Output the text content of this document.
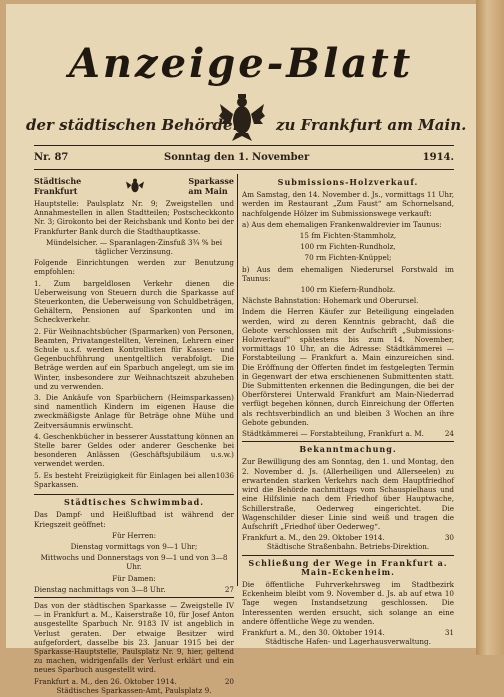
Anzeige-Blatt
der städtischen Behörden zu Frankfurt am Main.
Nr. 87	Sonntag den 1. November	1914.
Städtische
Frankfurt
Sparkasse
am Main

Hauptstelle: Paulsplatz Nr. 9; Zweigstellen und Annahmestellen in allen Stadtteilen; Postscheckkonto Nr. 3; Girokonto bei der Reichsbank und Konto bei der Frankfurter Bank durch die Stadthauptkasse.

Mündelsicher. — Sparanlagen-Zinsfuß 3¾ % bei täglicher Verzinsung.

Folgende Einrichtungen werden zur Benutzung empfohlen:

1. Zum bargeldlosen Verkehr dienen die Ueberweisung von Steuern durch die Sparkasse auf Steuerkonten, die Ueberweisung von Schuldbeträgen, Gehältern, Pensionen auf Sparkonten und im Scheckverkehr.

2. Für Weihnachtsbücher (Sparmarken) von Personen, Beamten, Privatangestellten, Vereinen, Lehrern einer Schule u.s.f. werden Kontrollisten für Kassen- und Gegenbuchführung unentgeltlich verabfolgt. Die Beträge werden auf ein Sparbuch angelegt, um sie im Winter, insbesondere zur Weihnachtszeit abzuheben und zu verwenden.

3. Die Ankäufe von Sparbüchern (Heimsparkassen) sind namentlich Kindern im eigenen Hause die zweckmäßigste Anlage für Beträge ohne Mühe und Zeitversäumnis erwünscht.

4. Geschenkbücher in besserer Ausstattung können an Stelle barer Geldes oder anderer Geschenke bei besonderen Anlässen (Geschäftsjubiläum u.s.w.) verwendet werden.

5. Es besteht Freizügigkeit für Einlagen bei allen Sparkassen.

1036
Städtisches Schwimmbad.

Das Dampf- und Heißluftbad ist während der Kriegszeit geöffnet:

Für Herren:

Dienstag vormittags von 9—1 Uhr;

Mittwochs und Donnerstags von 9—1 und von 3—8 Uhr.

Für Damen:

Dienstag nachmittags von 3—8 Uhr.	27

Das von der städtischen Sparkasse — Zweigstelle IV — in Frankfurt a. M., Kaiserstraße 10, für Josef Anton ausgestellte Sparbuch Nr. 9183 IV ist angeblich in Verlust geraten. Der etwaige Besitzer wird aufgefordert, dasselbe bis 23. Januar 1915 bei der Sparkasse-Hauptstelle, Paulsplatz Nr. 9, hier, geltend zu machen, widrigenfalls der Verlust erklärt und ein neues Sparbuch ausgestellt wird.

Frankfurt a. M., den 26. Oktober 1914.	20

Städtisches Sparkassen-Amt, Paulsplatz 9.

Submissions-Holzverkauf.

Am Samstag, den 14. November d. Js., vormittags 11 Uhr, werden im Restaurant „Zum Faust“ am Schornelsand, nachfolgende Hölzer im Submissionswege verkauft:

a) Aus dem ehemaligen Frankenwaldrevier im Taunus:

15 fm Fichten-Stammholz,

100 rm Fichten-Rundholz,

70 rm Fichten-Knüppel;

b) Aus dem ehemaligen Niederursel Forstwald im Taunus:

100 rm Kiefern-Rundholz.

Nächste Bahnstation: Hohemark und Oberursel.

Indem die Herren Käufer zur Beteiligung eingeladen werden, wird zu deren Kenntnis gebracht, daß die Gebote verschlossen mit der Aufschrift „Submissions-Holzverkauf“ spätestens bis zum 14. November, vormittags 10 Uhr, an die Adresse: Städtkämmerei — Forstabteilung — Frankfurt a. Main einzureichen sind. Die Eröffnung der Offerten findet im festgelegten Termin in Gegenwart der etwa erschienenen Submittenten statt. Die Submittenten erkennen die Bedingungen, die bei der Oberförsterei Unterwald Frankfurt am Main-Niederrad verfügt begehen können, durch Einreichung der Offerten als rechtsverbindlich an und bleiben 3 Wochen an ihre Gebote gebunden.

Städtkämmerei — Forstabteilung, Frankfurt a. M.	24
Bekanntmachung.

Zur Bewilligung des am Sonntag, den 1. und Montag, den 2. November d. Js. (Allerheiligen und Allerseelen) zu erwartenden starken Verkehrs nach dem Hauptfriedhof wird die Behörde nachmittags vom Schauspielhaus und eine Hilfslinie nach dem Friedhof über Hauptwache, Schillerstraße, Oederweg eingerichtet. Die Wagenschilder dieser Linie sind weiß und tragen die Aufschrift „Friedhof über Oederweg“.

Frankfurt a. M., den 29. Oktober 1914.	30

Städtische Straßenbahn. Betriebs-Direktion.

Schließung der Wege in Frankfurt a. Main-Eckenheim.

Die öffentliche Fuhrverkehrsweg im Stadtbezirk Eckenheim bleibt vom 9. November d. Js. ab auf etwa 10 Tage wegen Instandsetzung geschlossen. Die Interessenten werden ersucht, sich solange an eine andere öffentliche Wege zu wenden.

Frankfurt a. M., den 30. Oktober 1914.	31

Städtische Hafen- und Lagerhausverwaltung.
